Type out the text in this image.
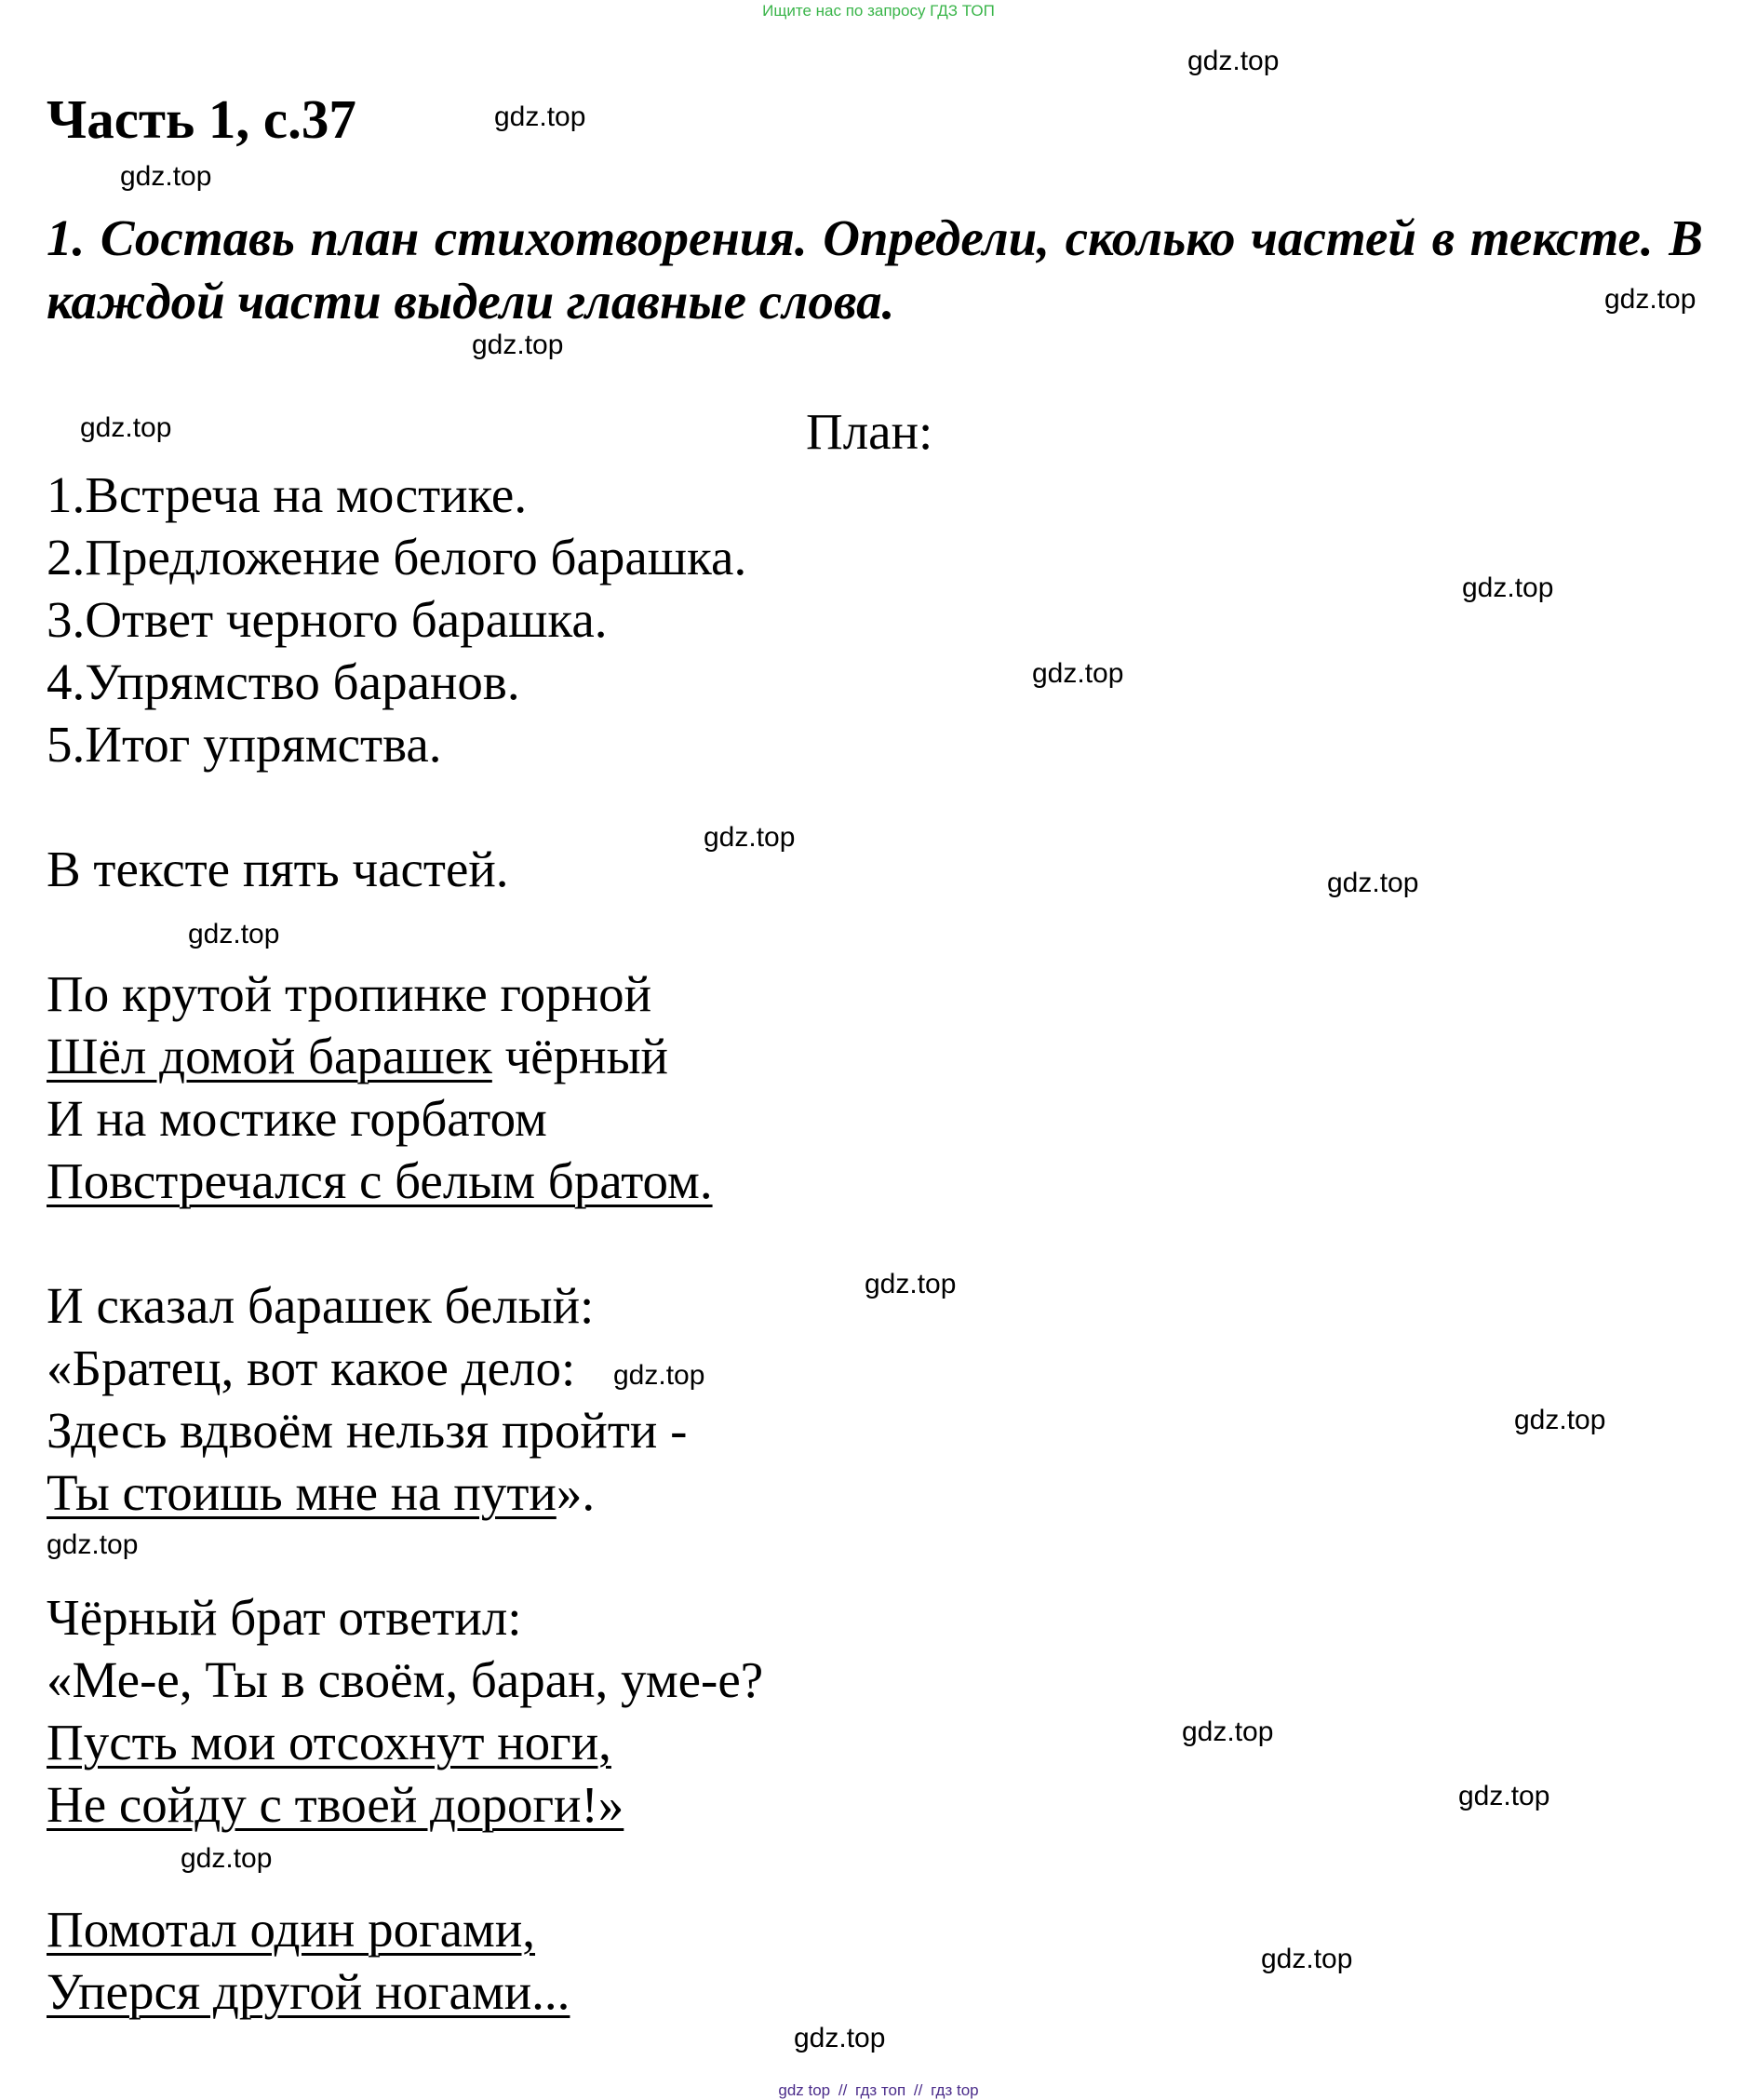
Ищите нас по запросу ГДЗ ТОП
Часть 1, с.37
1. Составь план стихотворения. Определи, сколько частей в тексте. В каждой части выдели главные слова.
План:
1.Встреча на мостике.
2.Предложение белого барашка.
3.Ответ черного барашка.
4.Упрямство баранов.
5.Итог упрямства.
В тексте пять частей.
По крутой тропинке горной
Шёл домой барашек чёрный
И на мостике горбатом
Повстречался с белым братом.
И сказал барашек белый:
«Братец, вот какое дело:
Здесь вдвоём нельзя пройти -
Ты стоишь мне на пути».
Чёрный брат ответил:
«Ме-е, Ты в своём, баран, уме-е?
Пусть мои отсохнут ноги,
Не сойду с твоей дороги!»
Помотал один рогами,
Уперся другой ногами...
gdz.top
gdz.top
gdz.top
gdz.top
gdz.top
gdz.top
gdz.top
gdz.top
gdz.top
gdz.top
gdz.top
gdz.top
gdz.top
gdz.top
gdz.top
gdz.top
gdz.top
gdz.top
gdz.top
gdz.top
gdz top // гдз топ // гдз top
